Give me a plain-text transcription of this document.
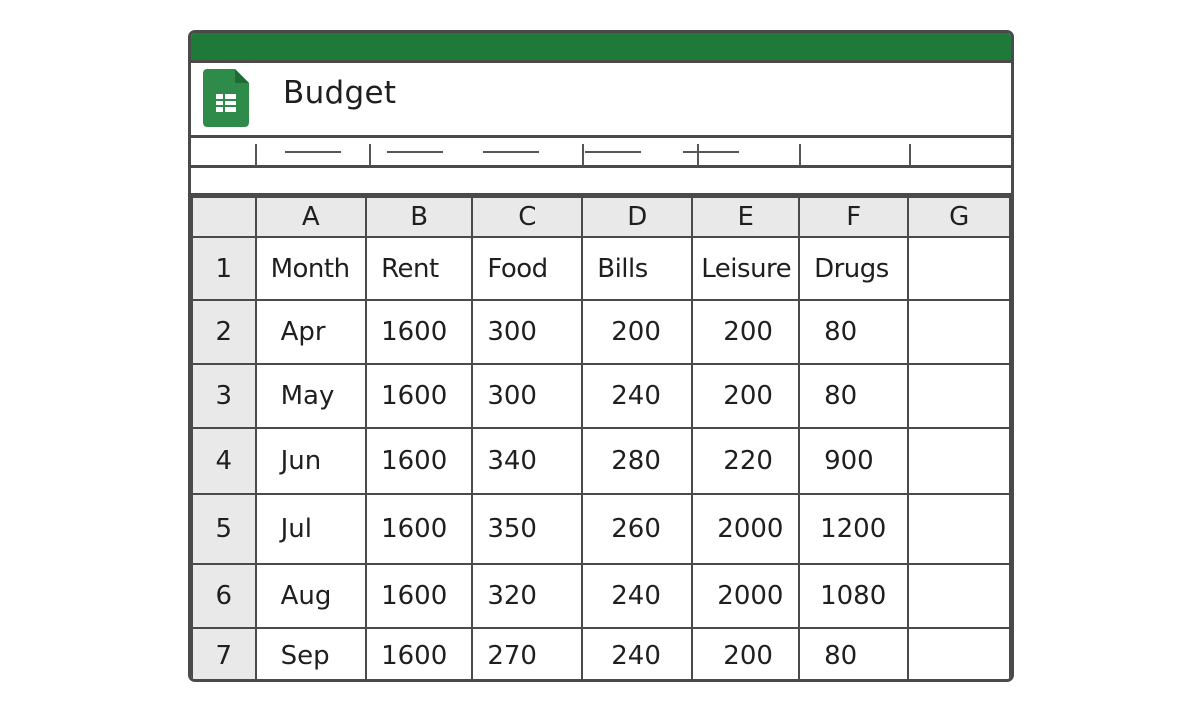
Budget
	A	B	C	D	E	F	G
1	Month	Rent	Food	Bills	Leisure	Drugs	
2	Apr	1600	300	200	200	80	
3	May	1600	300	240	200	80	
4	Jun	1600	340	280	220	900	
5	Jul	1600	350	260	2000	1200	
6	Aug	1600	320	240	2000	1080	
7	Sep	1600	270	240	200	80	
